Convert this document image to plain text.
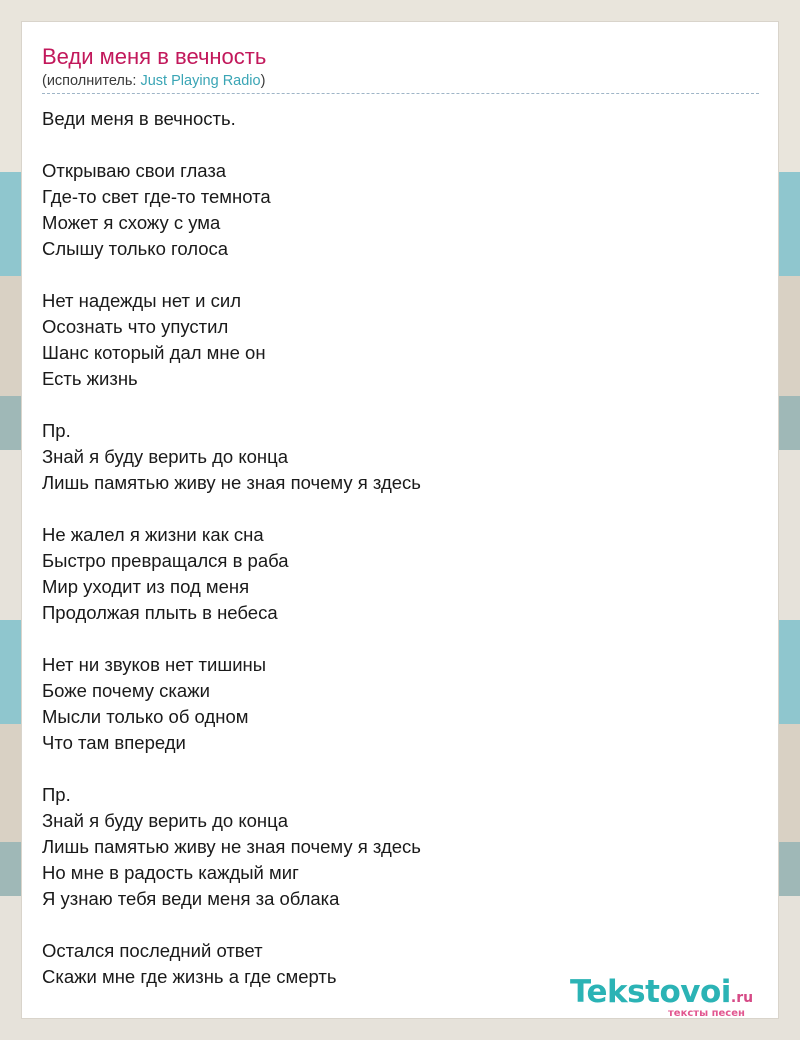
Веди меня в вечность
(исполнитель: Just Playing Radio)
Веди меня в вечность.
Открываю свои глаза
Где-то свет где-то темнота
Может я схожу с ума
Слышу только голоса
Нет надежды нет и сил
Осознать что упустил
Шанс который дал мне он
Есть жизнь
Пр.
Знай я буду верить до конца
Лишь памятью живу не зная почему я здесь
Не жалел я жизни как сна
Быстро превращался в раба
Мир уходит из под меня
Продолжая плыть в небеса
Нет ни звуков нет тишины
Боже почему скажи
Мысли только об одном
Что там впереди
Пр.
Знай я буду верить до конца
Лишь памятью живу не зная почему я здесь
Но мне в радость каждый миг
Я узнаю тебя веди меня за облака
Остался последний ответ
Скажи мне где жизнь а где смерть	Tekstovoi.ru
тексты песен
